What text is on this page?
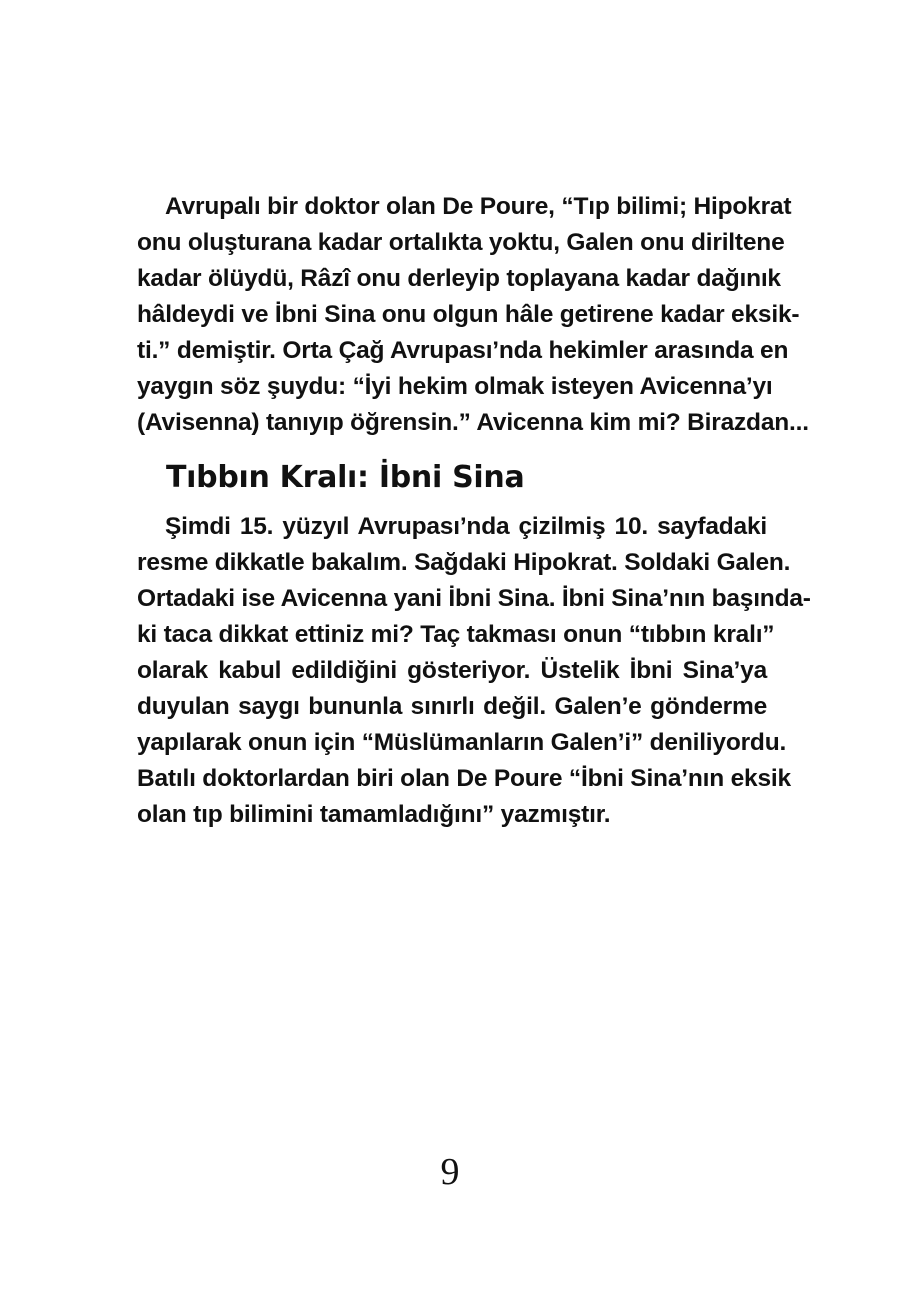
Avrupalı bir doktor olan De Poure, “Tıp bilimi; Hipokrat
onu oluşturana kadar ortalıkta yoktu, Galen onu diriltene
kadar ölüydü, Râzî onu derleyip toplayana kadar dağınık
hâldeydi ve İbni Sina onu olgun hâle getirene kadar eksik-
ti.” demiştir. Orta Çağ Avrupası’nda hekimler arasında en
yaygın söz şuydu: “İyi hekim olmak isteyen Avicenna’yı
(Avisenna) tanıyıp öğrensin.” Avicenna kim mi? Birazdan...
Tıbbın Kralı: İbni Sina
Şimdi 15. yüzyıl Avrupası’nda çizilmiş 10. sayfadaki
resme dikkatle bakalım. Sağdaki Hipokrat. Soldaki Galen.
Ortadaki ise Avicenna yani İbni Sina. İbni Sina’nın başında-
ki taca dikkat ettiniz mi? Taç takması onun “tıbbın kralı”
olarak kabul edildiğini gösteriyor. Üstelik İbni Sina’ya
duyulan saygı bununla sınırlı değil. Galen’e gönderme
yapılarak onun için “Müslümanların Galen’i” deniliyordu.
Batılı doktorlardan biri olan De Poure “İbni Sina’nın eksik
olan tıp bilimini tamamladığını” yazmıştır.
9
